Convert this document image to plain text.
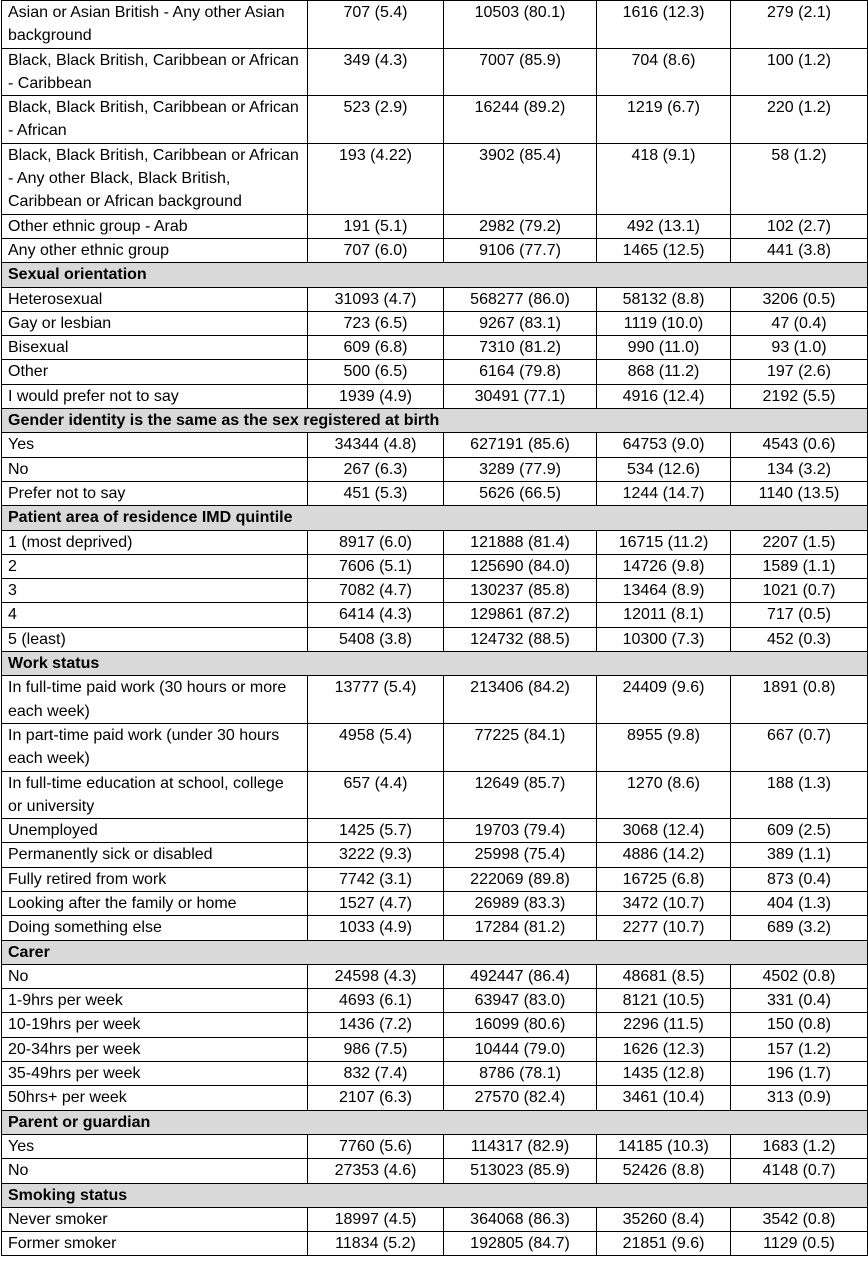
Asian or Asian British - Any other Asian background	707 (5.4)	10503 (80.1)	1616 (12.3)	279 (2.1)
Black, Black British, Caribbean or African - Caribbean	349 (4.3)	7007 (85.9)	704 (8.6)	100 (1.2)
Black, Black British, Caribbean or African - African	523 (2.9)	16244 (89.2)	1219 (6.7)	220 (1.2)
Black, Black British, Caribbean or African - Any other Black, Black British, Caribbean or African background	193 (4.22)	3902 (85.4)	418 (9.1)	58 (1.2)
Other ethnic group - Arab	191 (5.1)	2982 (79.2)	492 (13.1)	102 (2.7)
Any other ethnic group	707 (6.0)	9106 (77.7)	1465 (12.5)	441 (3.8)
Sexual orientation				
Heterosexual	31093 (4.7)	568277 (86.0)	58132 (8.8)	3206 (0.5)
Gay or lesbian	723 (6.5)	9267 (83.1)	1119 (10.0)	47 (0.4)
Bisexual	609 (6.8)	7310 (81.2)	990 (11.0)	93 (1.0)
Other	500 (6.5)	6164 (79.8)	868 (11.2)	197 (2.6)
I would prefer not to say	1939 (4.9)	30491 (77.1)	4916 (12.4)	2192 (5.5)
Gender identity is the same as the sex registered at birth				
Yes	34344 (4.8)	627191 (85.6)	64753 (9.0)	4543 (0.6)
No	267 (6.3)	3289 (77.9)	534 (12.6)	134 (3.2)
Prefer not to say	451 (5.3)	5626 (66.5)	1244 (14.7)	1140 (13.5)
Patient area of residence IMD quintile				
1 (most deprived)	8917 (6.0)	121888 (81.4)	16715 (11.2)	2207 (1.5)
2	7606 (5.1)	125690 (84.0)	14726 (9.8)	1589 (1.1)
3	7082 (4.7)	130237 (85.8)	13464 (8.9)	1021 (0.7)
4	6414 (4.3)	129861 (87.2)	12011 (8.1)	717 (0.5)
5 (least)	5408 (3.8)	124732 (88.5)	10300 (7.3)	452 (0.3)
Work status				
In full-time paid work (30 hours or more each week)	13777 (5.4)	213406 (84.2)	24409 (9.6)	1891 (0.8)
In part-time paid work (under 30 hours each week)	4958 (5.4)	77225 (84.1)	8955 (9.8)	667 (0.7)
In full-time education at school, college or university	657 (4.4)	12649 (85.7)	1270 (8.6)	188 (1.3)
Unemployed	1425 (5.7)	19703 (79.4)	3068 (12.4)	609 (2.5)
Permanently sick or disabled	3222 (9.3)	25998 (75.4)	4886 (14.2)	389 (1.1)
Fully retired from work	7742 (3.1)	222069 (89.8)	16725 (6.8)	873 (0.4)
Looking after the family or home	1527 (4.7)	26989 (83.3)	3472 (10.7)	404 (1.3)
Doing something else	1033 (4.9)	17284 (81.2)	2277 (10.7)	689 (3.2)
Carer				
No	24598 (4.3)	492447 (86.4)	48681 (8.5)	4502 (0.8)
1-9hrs per week	4693 (6.1)	63947 (83.0)	8121 (10.5)	331 (0.4)
10-19hrs per week	1436 (7.2)	16099 (80.6)	2296 (11.5)	150 (0.8)
20-34hrs per week	986 (7.5)	10444 (79.0)	1626 (12.3)	157 (1.2)
35-49hrs per week	832 (7.4)	8786 (78.1)	1435 (12.8)	196 (1.7)
50hrs+ per week	2107 (6.3)	27570 (82.4)	3461 (10.4)	313 (0.9)
Parent or guardian				
Yes	7760 (5.6)	114317 (82.9)	14185 (10.3)	1683 (1.2)
No	27353 (4.6)	513023 (85.9)	52426 (8.8)	4148 (0.7)
Smoking status				
Never smoker	18997 (4.5)	364068 (86.3)	35260 (8.4)	3542 (0.8)
Former smoker	11834 (5.2)	192805 (84.7)	21851 (9.6)	1129 (0.5)
